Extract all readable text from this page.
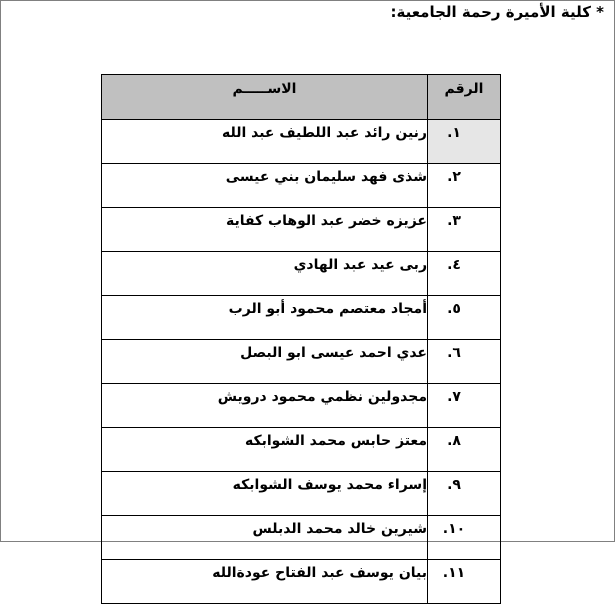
* كلية الأميرة رحمة الجامعية:
الرقم	الاســـــم
١.	رنين رائد عبد اللطيف عبد الله
٢.	شذى فهد سليمان بني عيسى
٣.	عزيزه خضر عبد الوهاب كفاية
٤.	ربى عيد عبد الهادي
٥.	أمجاد معتصم محمود أبو الرب
٦.	عدي احمد عيسى ابو البصل
٧.	مجدولين نظمي محمود درويش
٨.	معتز حابس محمد الشوابكه
٩.	إسراء محمد يوسف الشوابكه
١٠.	شيرين خالد محمد الدبلس
١١.	بيان يوسف عبد الفتاح عودةالله
